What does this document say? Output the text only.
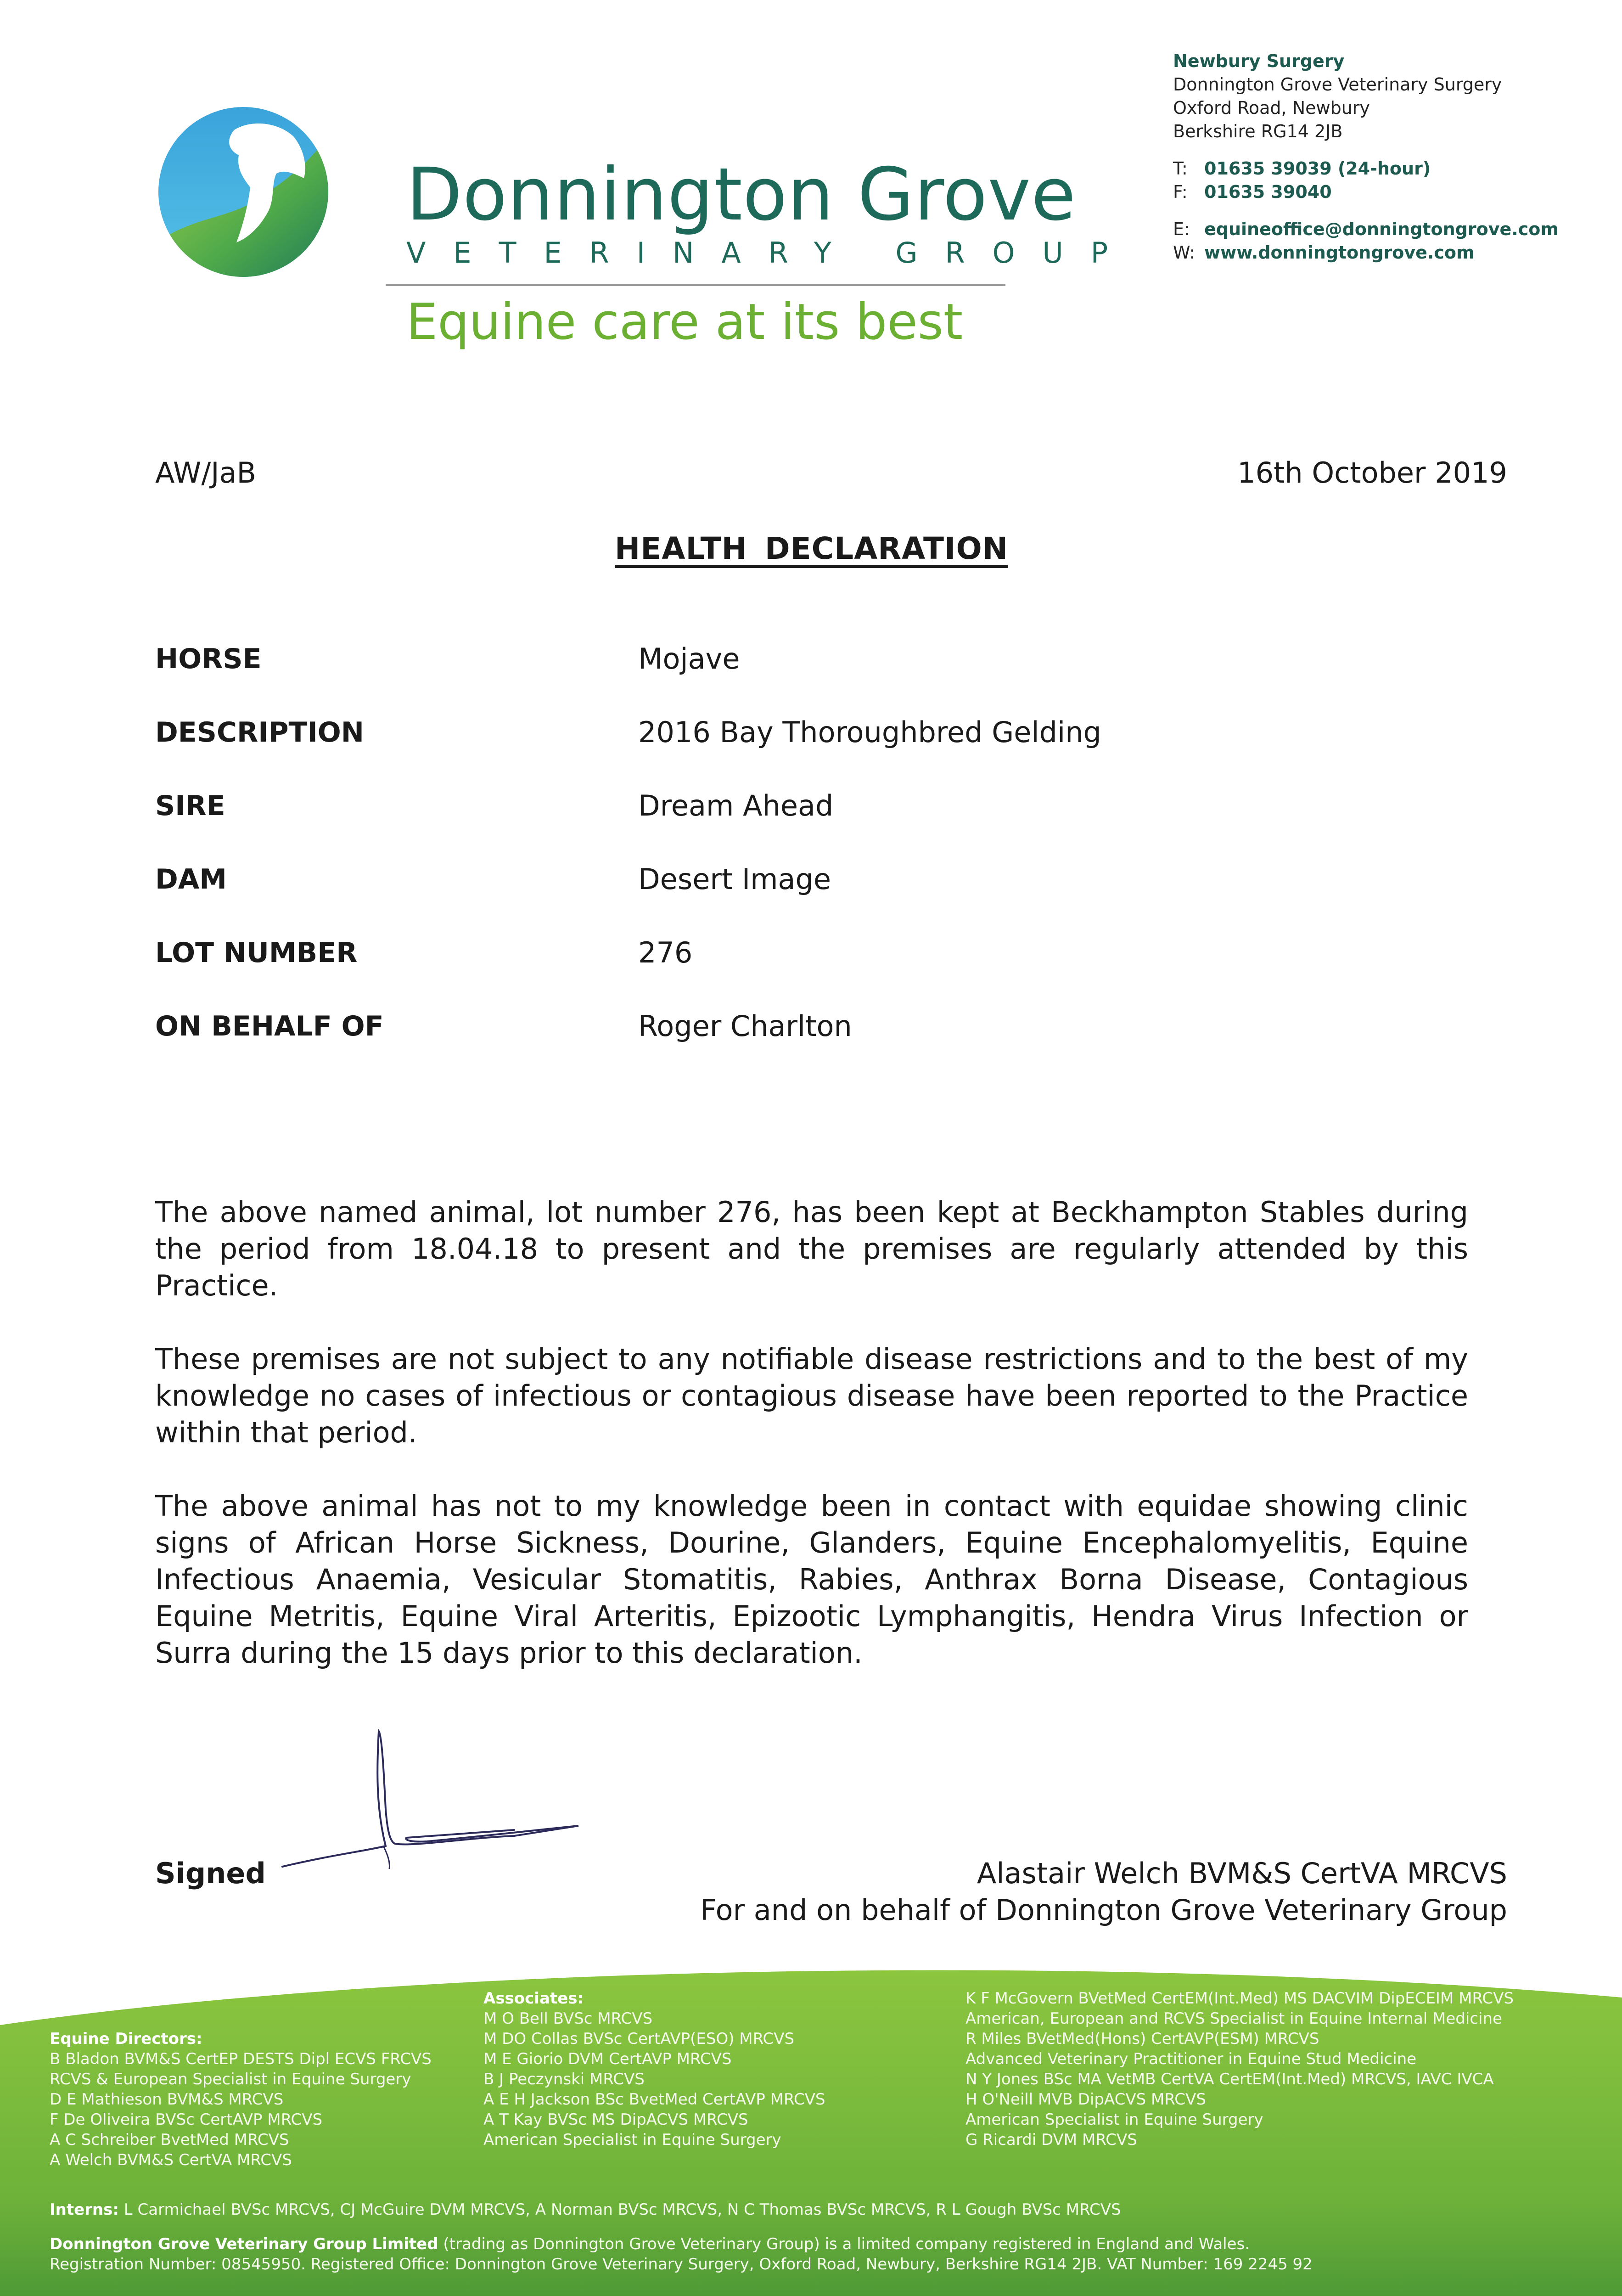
Donnington Grove
VETERINARY GROUP
Equine care at its best
Newbury Surgery
Donnington Grove Veterinary Surgery
Oxford Road, Newbury
Berkshire RG14 2JB
T: 01635 39039 (24-hour)
F: 01635 39040
E: equineoffice@donningtongrove.com
W: www.donningtongrove.com
AW/JaB	16th October 2019
HEALTH DECLARATION
HORSE	Mojave
DESCRIPTION	2016 Bay Thoroughbred Gelding
SIRE	Dream Ahead
DAM	Desert Image
LOT NUMBER	276
ON BEHALF OF	Roger Charlton

The above named animal, lot number 276, has been kept at Beckhampton Stables during the period from 18.04.18 to present and the premises are regularly attended by this Practice.

These premises are not subject to any notifiable disease restrictions and to the best of my knowledge no cases of infectious or contagious disease have been reported to the Practice within that period.

The above animal has not to my knowledge been in contact with equidae showing clinic signs of African Horse Sickness, Dourine, Glanders, Equine Encephalomyelitis, Equine Infectious Anaemia, Vesicular Stomatitis, Rabies, Anthrax Borna Disease, Contagious Equine Metritis, Equine Viral Arteritis, Epizootic Lymphangitis, Hendra Virus Infection or Surra during the 15 days prior to this declaration.

Signed	Alastair Welch BVM&S CertVA MRCVS
For and on behalf of Donnington Grove Veterinary Group
Equine Directors:
B Bladon BVM&S CertEP DESTS Dipl ECVS FRCVS
RCVS & European Specialist in Equine Surgery
D E Mathieson BVM&S MRCVS
F De Oliveira BVSc CertAVP MRCVS
A C Schreiber BvetMed MRCVS
A Welch BVM&S CertVA MRCVS
Associates:
M O Bell BVSc MRCVS
M DO Collas BVSc CertAVP(ESO) MRCVS
M E Giorio DVM CertAVP MRCVS
B J Peczynski MRCVS
A E H Jackson BSc BvetMed CertAVP MRCVS
A T Kay BVSc MS DipACVS MRCVS
American Specialist in Equine Surgery
K F McGovern BVetMed CertEM(Int.Med) MS DACVIM DipECEIM MRCVS
American, European and RCVS Specialist in Equine Internal Medicine
R Miles BVetMed(Hons) CertAVP(ESM) MRCVS
Advanced Veterinary Practitioner in Equine Stud Medicine
N Y Jones BSc MA VetMB CertVA CertEM(Int.Med) MRCVS, IAVC IVCA
H O'Neill MVB DipACVS MRCVS
American Specialist in Equine Surgery
G Ricardi DVM MRCVS
Interns: L Carmichael BVSc MRCVS, CJ McGuire DVM MRCVS, A Norman BVSc MRCVS, N C Thomas BVSc MRCVS, R L Gough BVSc MRCVS
Donnington Grove Veterinary Group Limited (trading as Donnington Grove Veterinary Group) is a limited company registered in England and Wales.
Registration Number: 08545950. Registered Office: Donnington Grove Veterinary Surgery, Oxford Road, Newbury, Berkshire RG14 2JB. VAT Number: 169 2245 92
